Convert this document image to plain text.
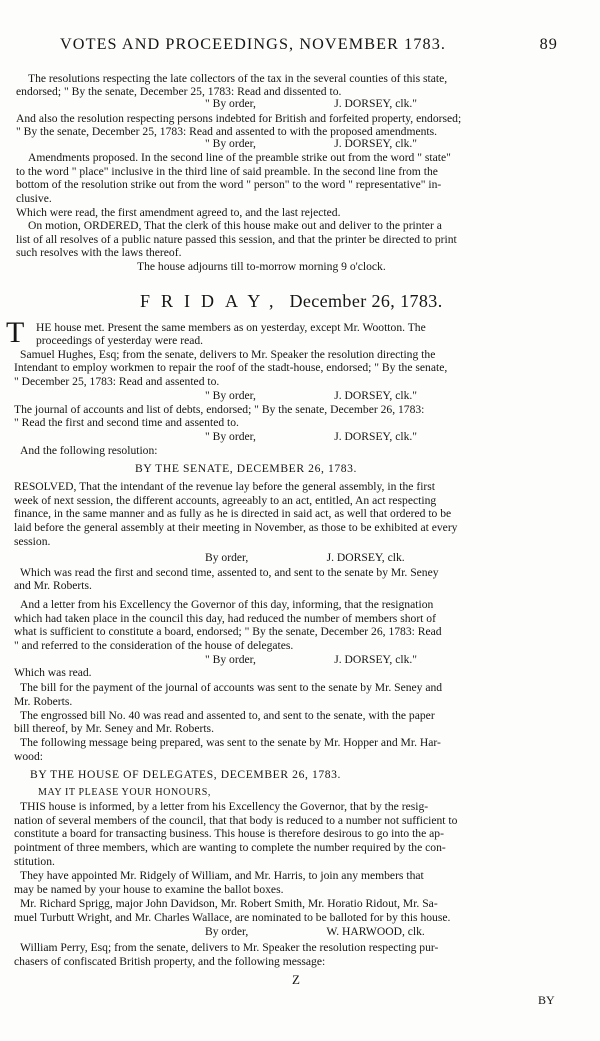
VOTES AND PROCEEDINGS, NOVEMBER 1783.	89
The resolutions respecting the late collectors of the tax in the several counties of this state,
endorsed; " By the senate, December 25, 1783: Read and dissented to.
" By order,                           J. DORSEY, clk."
And also the resolution respecting persons indebted for British and forfeited property, endorsed;
" By the senate, December 25, 1783: Read and assented to with the proposed amendments.
" By order,                           J. DORSEY, clk."
Amendments proposed. In the second line of the preamble strike out from the word " state"
to the word " place" inclusive in the third line of said preamble. In the second line from the
bottom of the resolution strike out from the word " person" to the word " representative" in-
clusive.
Which were read, the first amendment agreed to, and the last rejected.
On motion, ORDERED, That the clerk of this house make out and deliver to the printer a
list of all resolves of a public nature passed this session, and that the printer be directed to print
such resolves with the laws thereof.
The house adjourns till to-morrow morning 9 o'clock.
FRIDAY, December 26, 1783.
T HE house met. Present the same members as on yesterday, except Mr. Wootton. The
proceedings of yesterday were read.
Samuel Hughes, Esq; from the senate, delivers to Mr. Speaker the resolution directing the
Intendant to employ workmen to repair the roof of the stadt-house, endorsed; " By the senate,
" December 25, 1783: Read and assented to.
" By order,                           J. DORSEY, clk."
The journal of accounts and list of debts, endorsed; " By the senate, December 26, 1783:
" Read the first and second time and assented to.
" By order,                           J. DORSEY, clk."
And the following resolution:
BY THE SENATE, DECEMBER 26, 1783.
RESOLVED, That the intendant of the revenue lay before the general assembly, in the first
week of next session, the different accounts, agreeably to an act, entitled, An act respecting
finance, in the same manner and as fully as he is directed in said act, as well that ordered to be
laid before the general assembly at their meeting in November, as those to be exhibited at every
session.
By order,                           J. DORSEY, clk.
Which was read the first and second time, assented to, and sent to the senate by Mr. Seney
and Mr. Roberts.
And a letter from his Excellency the Governor of this day, informing, that the resignation
which had taken place in the council this day, had reduced the number of members short of
what is sufficient to constitute a board, endorsed; " By the senate, December 26, 1783: Read
" and referred to the consideration of the house of delegates.
" By order,                           J. DORSEY, clk."
Which was read.
The bill for the payment of the journal of accounts was sent to the senate by Mr. Seney and
Mr. Roberts.
The engrossed bill No. 40 was read and assented to, and sent to the senate, with the paper
bill thereof, by Mr. Seney and Mr. Roberts.
The following message being prepared, was sent to the senate by Mr. Hopper and Mr. Har-
wood:
BY THE HOUSE OF DELEGATES, DECEMBER 26, 1783.
MAY IT PLEASE YOUR HONOURS,
THIS house is informed, by a letter from his Excellency the Governor, that by the resig-
nation of several members of the council, that that body is reduced to a number not sufficient to
constitute a board for transacting business. This house is therefore desirous to go into the ap-
pointment of three members, which are wanting to complete the number required by the con-
stitution.
They have appointed Mr. Ridgely of William, and Mr. Harris, to join any members that
may be named by your house to examine the ballot boxes.
Mr. Richard Sprigg, major John Davidson, Mr. Robert Smith, Mr. Horatio Ridout, Mr. Sa-
muel Turbutt Wright, and Mr. Charles Wallace, are nominated to be balloted for by this house.
By order,                           W. HARWOOD, clk.
William Perry, Esq; from the senate, delivers to Mr. Speaker the resolution respecting pur-
chasers of confiscated British property, and the following message:
Z
BY
